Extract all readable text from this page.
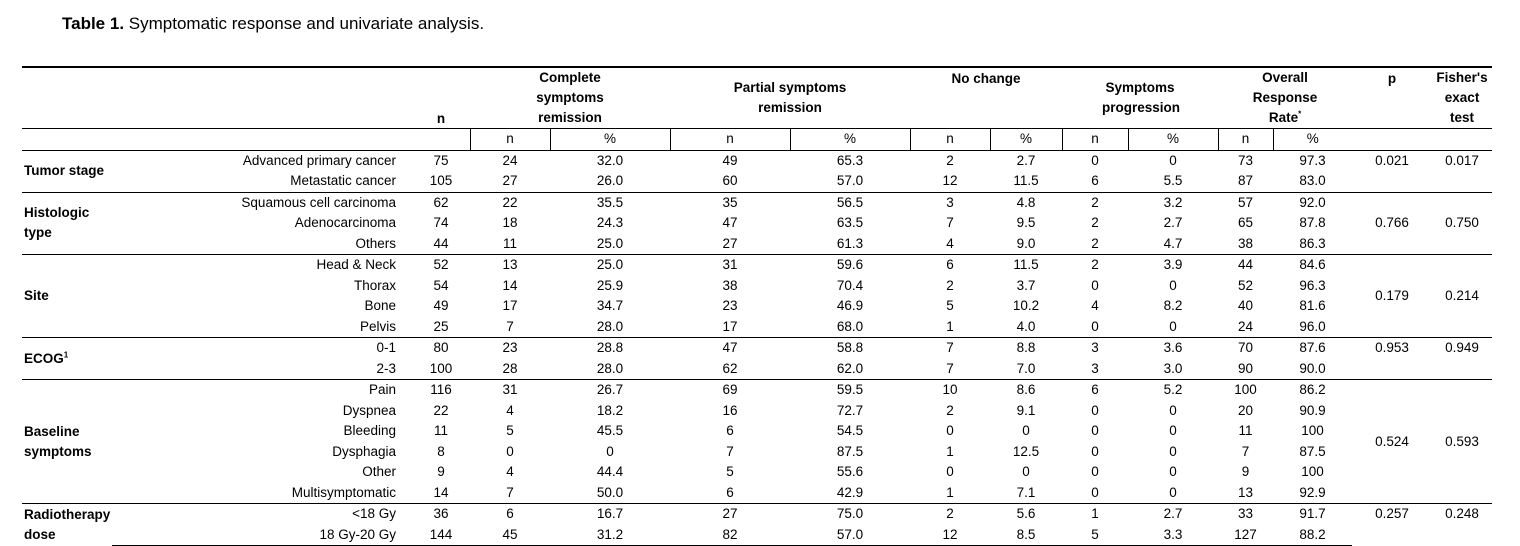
Table 1. Symptomatic response and univariate analysis.
		n	Complete symptoms remission		Partial symptoms remission		No change		Symptoms progression		Overall Response Rate*		p	Fisher's exact test
			n	%	n	%	n	%	n	%	n	%		
Tumor stage	Advanced primary cancer	75	24	32.0	49	65.3	2	2.7	0	0	73	97.3	0.021	0.017
	Metastatic cancer	105	27	26.0	60	57.0	12	11.5	6	5.5	87	83.0		
Histologic type	Squamous cell carcinoma	62	22	35.5	35	56.5	3	4.8	2	3.2	57	92.0	0.766	0.750
	Adenocarcinoma	74	18	24.3	47	63.5	7	9.5	2	2.7	65	87.8		
	Others	44	11	25.0	27	61.3	4	9.0	2	4.7	38	86.3		
Site	Head & Neck	52	13	25.0	31	59.6	6	11.5	2	3.9	44	84.6	0.179	0.214
	Thorax	54	14	25.9	38	70.4	2	3.7	0	0	52	96.3		
	Bone	49	17	34.7	23	46.9	5	10.2	4	8.2	40	81.6		
	Pelvis	25	7	28.0	17	68.0	1	4.0	0	0	24	96.0		
ECOG$^1$	0-1	80	23	28.8	47	58.8	7	8.8	3	3.6	70	87.6	0.953	0.949
	2-3	100	28	28.0	62	62.0	7	7.0	3	3.0	90	90.0		
Baseline symptoms	Pain	116	31	26.7	69	59.5	10	8.6	6	5.2	100	86.2	0.524	0.593
	Dyspnea	22	4	18.2	16	72.7	2	9.1	0	0	20	90.9		
	Bleeding	11	5	45.5	6	54.5	0	0	0	0	11	100		
	Dysphagia	8	0	0	7	87.5	1	12.5	0	0	7	87.5		
	Other	9	4	44.4	5	55.6	0	0	0	0	9	100		
	Multisymptomatic	14	7	50.0	6	42.9	1	7.1	0	0	13	92.9		
Radiotherapy dose	<18 Gy	36	6	16.7	27	75.0	2	5.6	1	2.7	33	91.7	0.257	0.248
	18 Gy-20 Gy	144	45	31.2	82	57.0	12	8.5	5	3.3	127	88.2		
